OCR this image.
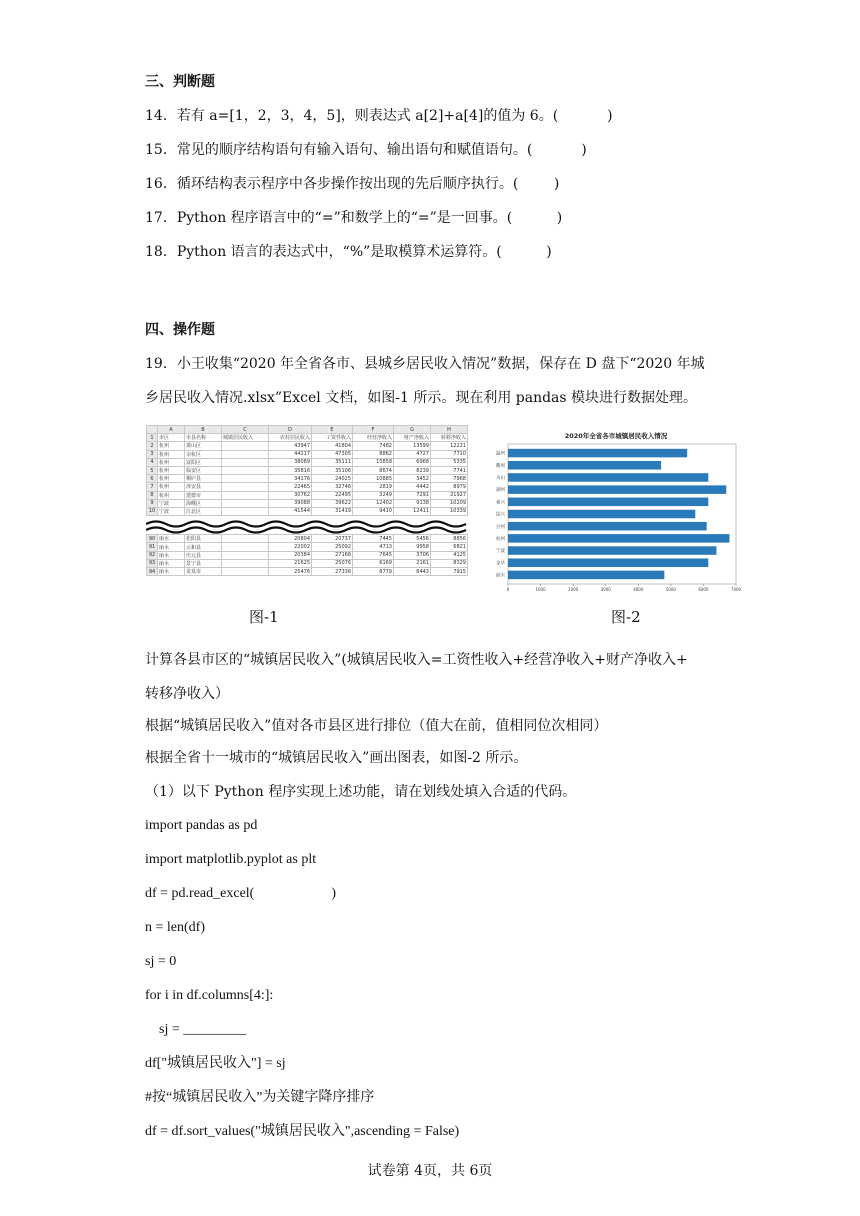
三、判断题
14．若有 a=[1，2，3，4，5]，则表达式 a[2]+a[4]的值为 6。(           )
15．常见的顺序结构语句有输入语句、输出语句和赋值语句。(           )
16．循环结构表示程序中各步操作按出现的先后顺序执行。(        )
17．Python 程序语言中的“=”和数学上的“=”是一回事。(          )
18．Python 语言的表达式中，“%”是取模算术运算符。(          )
四、操作题
19．小王收集“2020 年全省各市、县城乡居民收入情况”数据，保存在 D 盘下“2020 年城
乡居民收入情况.xlsx”Excel 文档，如图-1 所示。现在利用 pandas 模块进行数据处理。
	A	B	C	D	E	F	G	H
1	市区	市县名称	城镇居民收入	农村居民收入	工资性收入	经营净收入	财产净收入	转移净收入
2	杭州	萧山区		43947	41804	7482	13599	12221
3	杭州	余杭区		44117	47305	8862	4727	7710
4	杭州	富阳区		38089	35111	15858	6968	5335
5	杭州	临安区		35816	35106	8674	8239	7741
6	杭州	桐庐县		34176	24025	10885	3452	7968
7	杭州	淳安县		22465	32746	2819	4442	8979
8	杭州	建德市		30762	22495	3249	7291	21927
9	宁波	海曙区		39088	39622	12402	9138	10209
10	宁波	江北区		41544	31419	9410	12411	10339

90	丽水	松阳县		20804	20737	7445	5456	8856
91	丽水	云和县		22002	25092	4713	9958	6821
92	丽水	庆元县		20384	27166	7645	3706	4125
93	丽水	景宁县		21625	25076	6169	2161	8329
94	丽水	龙泉市		25476	27336	8779	6443	7915
图-1
2020年全省各市城镇居民收入情况
温州
衢州
舟山
湖州
嘉兴
绍兴
台州
杭州
宁波
金华
丽水
0	1000	2000	3000	4000	5000	6000	7000
图-2
计算各县市区的“城镇居民收入”(城镇居民收入=工资性收入+经营净收入+财产净收入+
转移净收入）
根据“城镇居民收入”值对各市县区进行排位（值大在前，值相同位次相同）
根据全省十一城市的“城镇居民收入”画出图表，如图-2 所示。
（1）以下 Python 程序实现上述功能，请在划线处填入合适的代码。
import pandas as pd
import matplotlib.pyplot as plt
df = pd.read_excel(                      )
n = len(df)
sj = 0
for i in df.columns[4:]:
sj = _________
df["城镇居民收入"] = sj
#按“城镇居民收入”为关键字降序排序
df = df.sort_values("城镇居民收入",ascending = False)
试卷第 4页，共 6页
